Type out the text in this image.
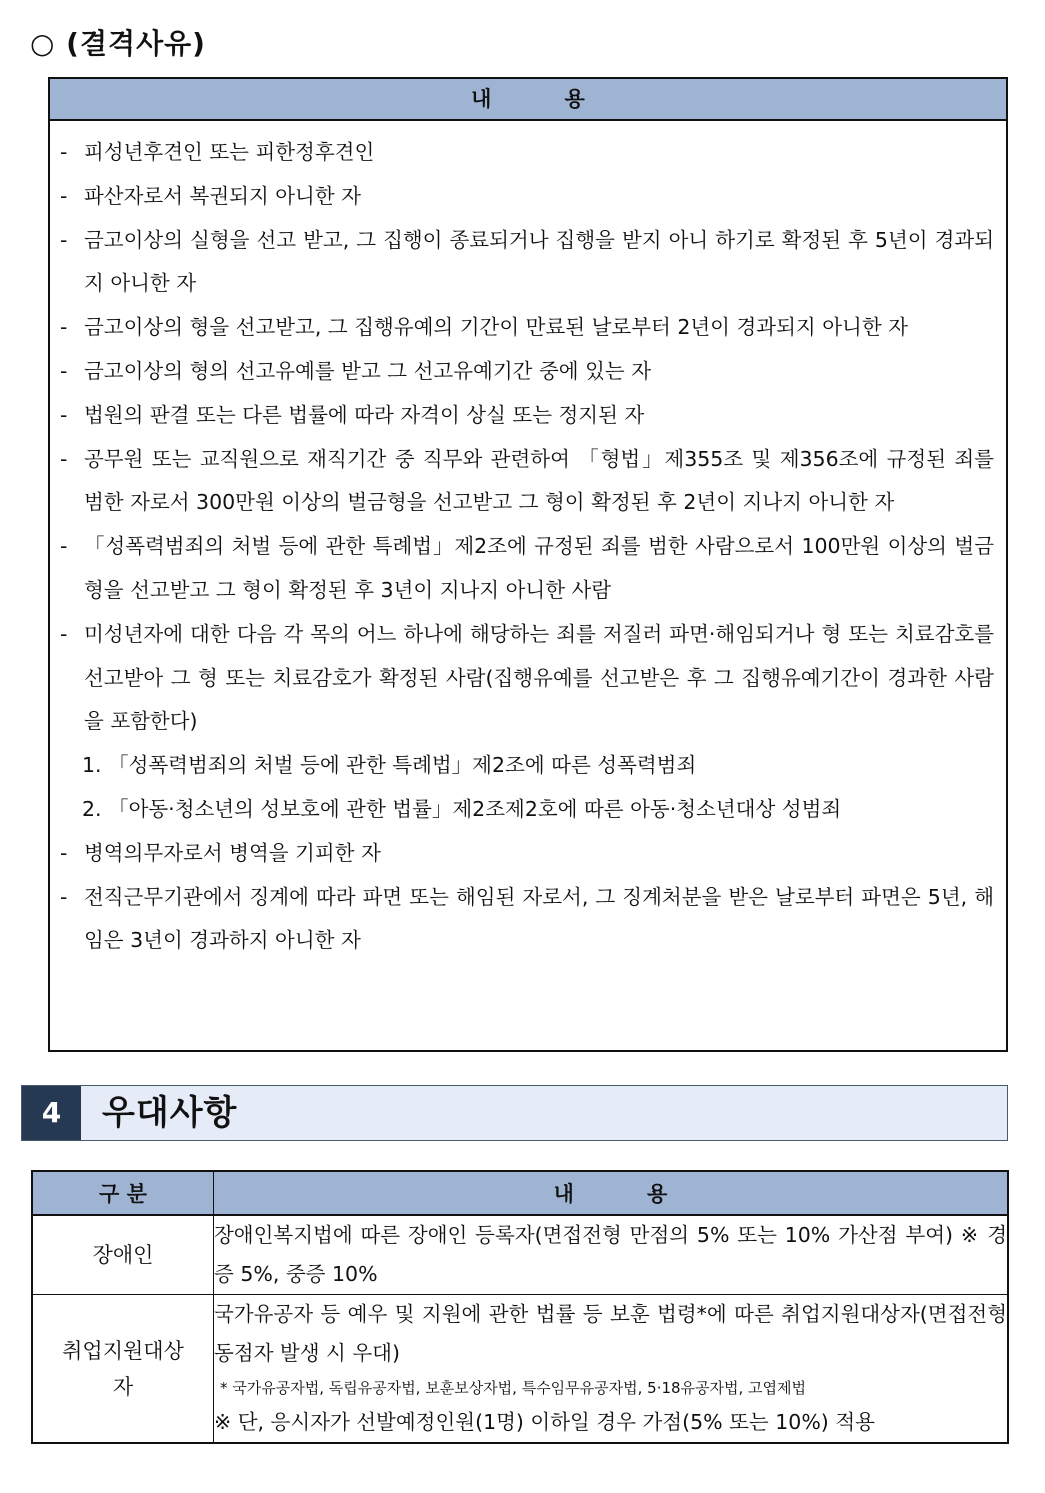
○ (결격사유)
내          용
- 피성년후견인 또는 피한정후견인
- 파산자로서 복권되지 아니한 자
- 금고이상의 실형을 선고 받고, 그 집행이 종료되거나 집행을 받지 아니 하기로 확정된 후 5년이 경과되지 아니한 자
- 금고이상의 형을 선고받고, 그 집행유예의 기간이 만료된 날로부터 2년이 경과되지 아니한 자
- 금고이상의 형의 선고유예를 받고 그 선고유예기간 중에 있는 자
- 법원의 판결 또는 다른 법률에 따라 자격이 상실 또는 정지된 자
- 공무원 또는 교직원으로 재직기간 중 직무와 관련하여 「형법」제355조 및 제356조에 규정된 죄를 범한 자로서 300만원 이상의 벌금형을 선고받고 그 형이 확정된 후 2년이 지나지 아니한 자
- 「성폭력범죄의 처벌 등에 관한 특례법」제2조에 규정된 죄를 범한 사람으로서 100만원 이상의 벌금형을 선고받고 그 형이 확정된 후 3년이 지나지 아니한 사람
- 미성년자에 대한 다음 각 목의 어느 하나에 해당하는 죄를 저질러 파면·해임되거나 형 또는 치료감호를 선고받아 그 형 또는 치료감호가 확정된 사람(집행유예를 선고받은 후 그 집행유예기간이 경과한 사람을 포함한다)
1. 「성폭력범죄의 처벌 등에 관한 특례법」제2조에 따른 성폭력범죄
2. 「아동·청소년의 성보호에 관한 법률」제2조제2호에 따른 아동·청소년대상 성범죄
- 병역의무자로서 병역을 기피한 자
- 전직근무기관에서 징계에 따라 파면 또는 해임된 자로서, 그 징계처분을 받은 날로부터 파면은 5년, 해임은 3년이 경과하지 아니한 자
4	우대사항
구 분	내          용
장애인	장애인복지법에 따른 장애인 등록자(면접전형 만점의 5% 또는 10% 가산점 부여) ※ 경증 5%, 중증 10%
취업지원대상자	국가유공자 등 예우 및 지원에 관한 법률 등 보훈 법령*에 따른 취업지원대상자(면접전형 동점자 발생 시 우대)
* 국가유공자법, 독립유공자법, 보훈보상자법, 특수임무유공자법, 5·18유공자법, 고엽제법
※ 단, 응시자가 선발예정인원(1명) 이하일 경우 가점(5% 또는 10%) 적용
